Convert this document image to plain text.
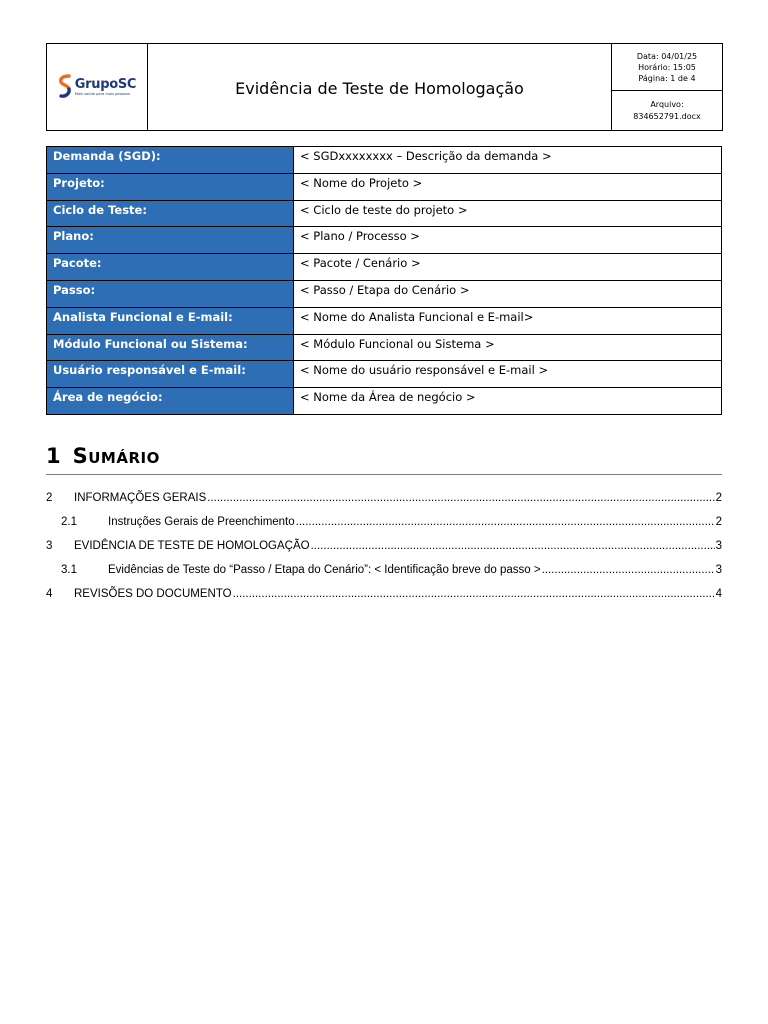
GrupoSC
Mais saúde para mais pessoas.	Evidência de Teste de Homologação
Data: 04/01/25
Horário: 15:05
Página: 1 de 4
Arquivo:
834652791.docx
Demanda (SGD):	< SGDxxxxxxxx – Descrição da demanda >
Projeto:	< Nome do Projeto >
Ciclo de Teste:	< Ciclo de teste do projeto >
Plano:	< Plano / Processo >
Pacote:	< Pacote / Cenário >
Passo:	< Passo / Etapa do Cenário >
Analista Funcional e E-mail:	< Nome do Analista Funcional e E-mail>
Módulo Funcional ou Sistema:	< Módulo Funcional ou Sistema >
Usuário responsável e E-mail:	< Nome do usuário responsável e E-mail >
Área de negócio:	< Nome da Área de negócio >
1 Sumário
2 INFORMAÇÕES GERAIS .....	2
2.1	Instruções Gerais de Preenchimento .....	2
3 EVIDÊNCIA DE TESTE DE HOMOLOGAÇÃO .....	3
3.1	Evidências de Teste do “Passo / Etapa do Cenário”: < Identificação breve do passo > .....	3
4 REVISÕES DO DOCUMENTO .....	4
